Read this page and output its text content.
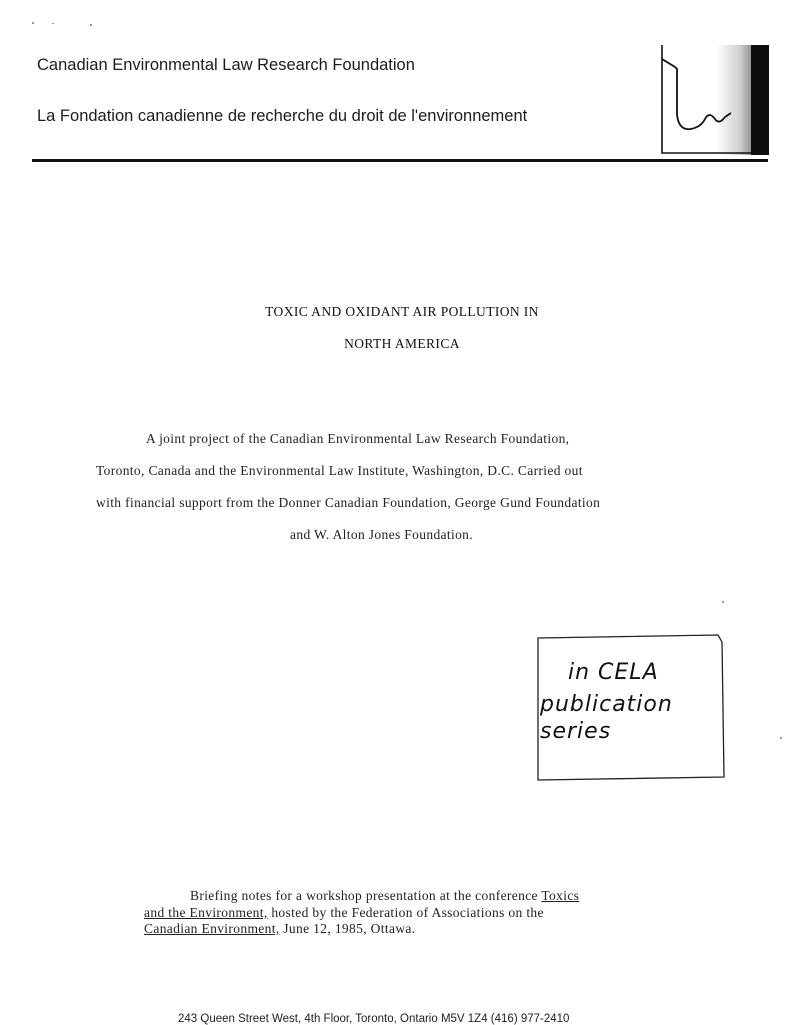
Canadian Environmental Law Research Foundation
La Fondation canadienne de recherche du droit de l'environnement
TOXIC AND OXIDANT AIR POLLUTION IN
NORTH AMERICA
A joint project of the Canadian Environmental Law Research Foundation,
Toronto, Canada and the Environmental Law Institute, Washington, D.C. Carried out
with financial support from the Donner Canadian Foundation, George Gund Foundation
and W. Alton Jones Foundation.
in CELA
publication
series
Briefing notes for a workshop presentation at the conference Toxics
and the Environment, hosted by the Federation of Associations on the
Canadian Environment, June 12, 1985, Ottawa.
243 Queen Street West, 4th Floor, Toronto, Ontario M5V 1Z4 (416) 977-2410
